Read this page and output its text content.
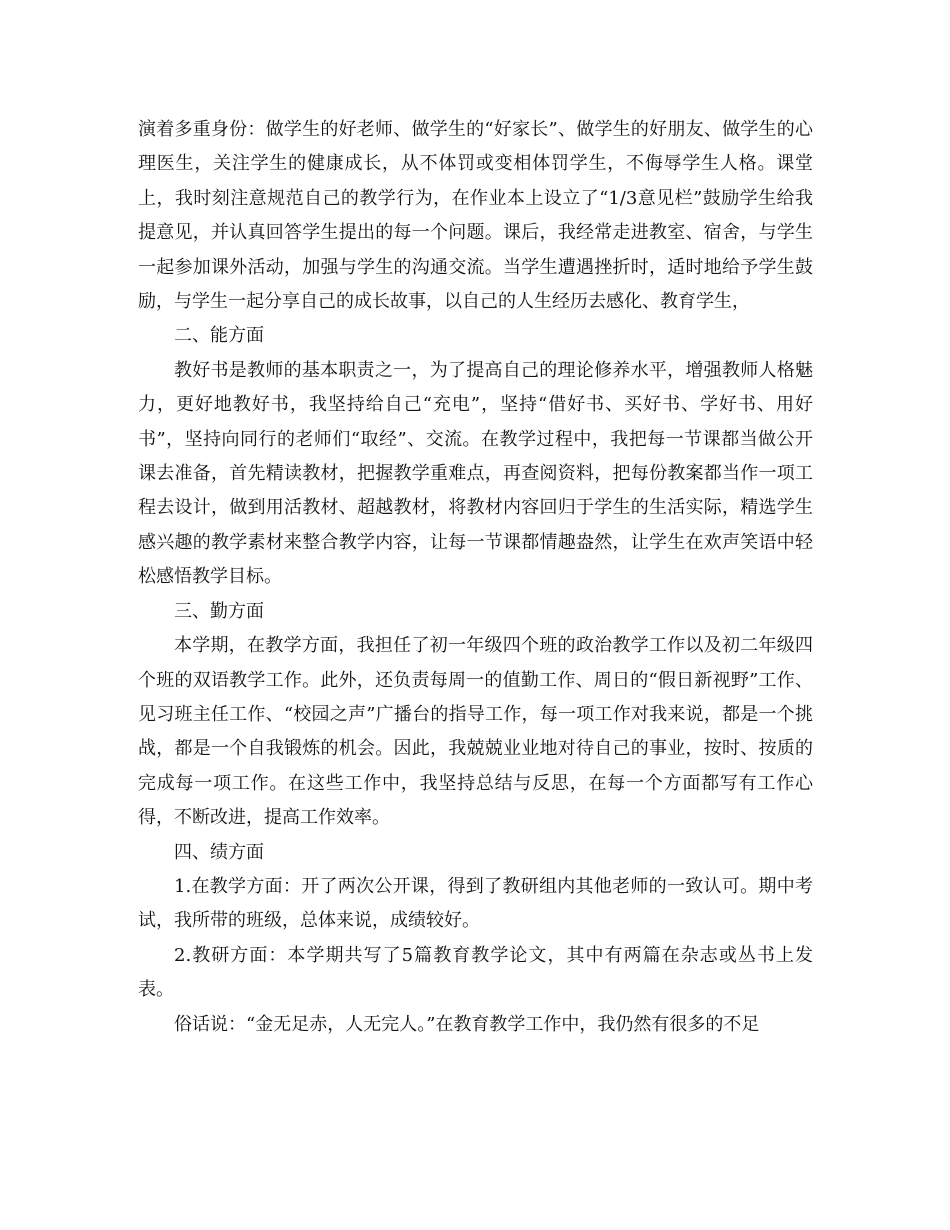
演着多重身份：做学生的好老师、做学生的“好家长”、做学生的好朋友、做学生的心理医生，关注学生的健康成长，从不体罚或变相体罚学生，不侮辱学生人格。课堂上，我时刻注意规范自己的教学行为，在作业本上设立了“1/3意见栏”鼓励学生给我提意见，并认真回答学生提出的每一个问题。课后，我经常走进教室、宿舍，与学生一起参加课外活动，加强与学生的沟通交流。当学生遭遇挫折时，适时地给予学生鼓励，与学生一起分享自己的成长故事，以自己的人生经历去感化、教育学生，

二、能方面

教好书是教师的基本职责之一，为了提高自己的理论修养水平，增强教师人格魅力，更好地教好书，我坚持给自己“充电”，坚持“借好书、买好书、学好书、用好书”，坚持向同行的老师们“取经”、交流。在教学过程中，我把每一节课都当做公开课去准备，首先精读教材，把握教学重难点，再查阅资料，把每份教案都当作一项工程去设计，做到用活教材、超越教材，将教材内容回归于学生的生活实际，精选学生感兴趣的教学素材来整合教学内容，让每一节课都情趣盎然，让学生在欢声笑语中轻松感悟教学目标。

三、勤方面

本学期，在教学方面，我担任了初一年级四个班的政治教学工作以及初二年级四个班的双语教学工作。此外，还负责每周一的值勤工作、周日的“假日新视野”工作、见习班主任工作、“校园之声”广播台的指导工作，每一项工作对我来说，都是一个挑战，都是一个自我锻炼的机会。因此，我兢兢业业地对待自己的事业，按时、按质的完成每一项工作。在这些工作中，我坚持总结与反思，在每一个方面都写有工作心得，不断改进，提高工作效率。

四、绩方面

1.在教学方面：开了两次公开课，得到了教研组内其他老师的一致认可。期中考试，我所带的班级，总体来说，成绩较好。

2.教研方面：本学期共写了5篇教育教学论文，其中有两篇在杂志或丛书上发表。

俗话说：“金无足赤，人无完人。”在教育教学工作中，我仍然有很多的不足
